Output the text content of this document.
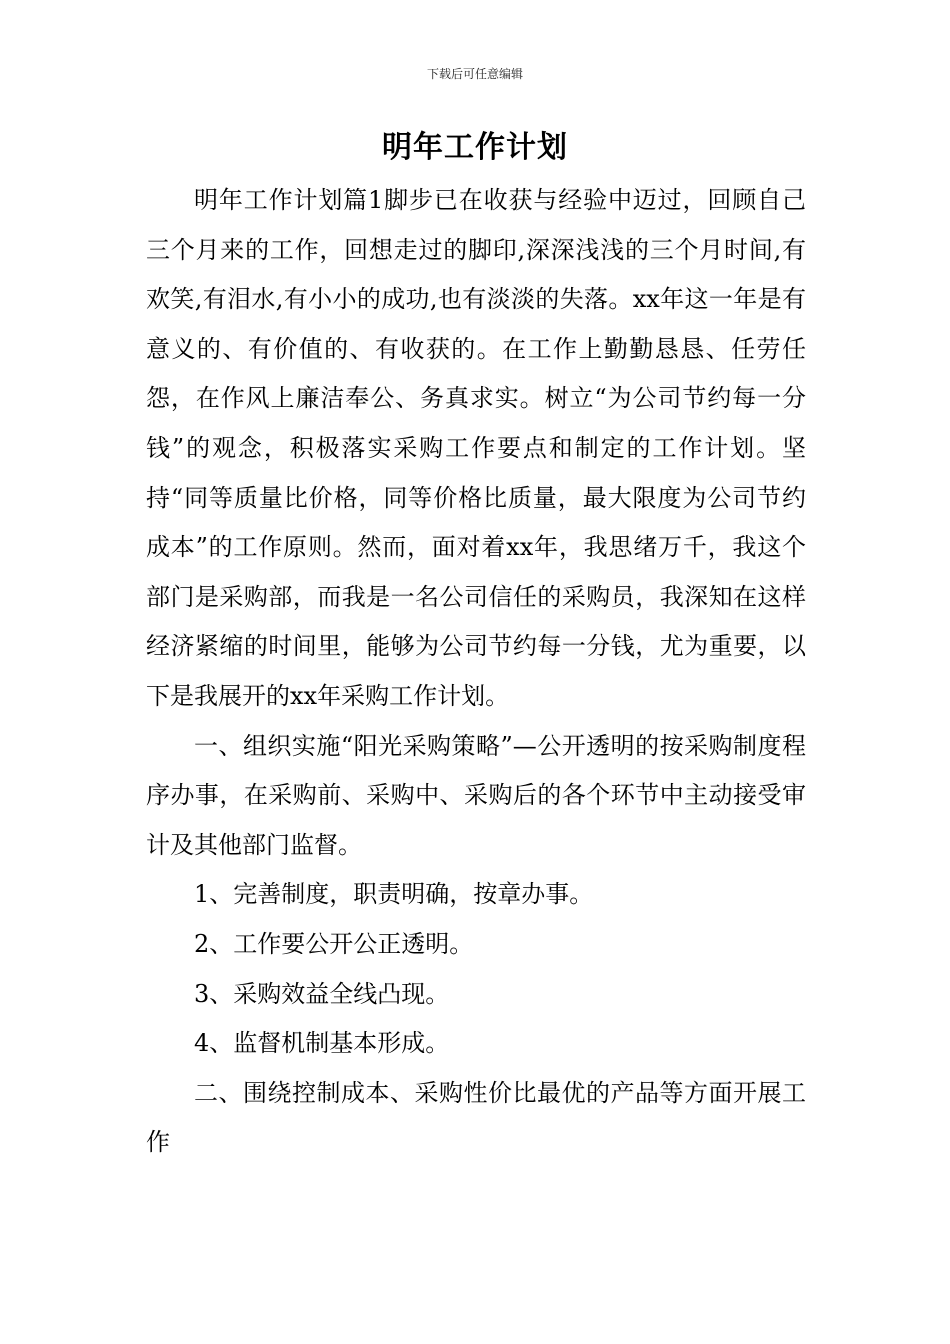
下载后可任意编辑
明年工作计划

明年工作计划篇1脚步已在收获与经验中迈过，回顾自己三个月来的工作，回想走过的脚印,深深浅浅的三个月时间,有欢笑,有泪水,有小小的成功,也有淡淡的失落。xx年这一年是有意义的、有价值的、有收获的。在工作上勤勤恳恳、任劳任怨，在作风上廉洁奉公、务真求实。树立“为公司节约每一分钱”的观念，积极落实采购工作要点和制定的工作计划。坚持“同等质量比价格，同等价格比质量，最大限度为公司节约成本”的工作原则。然而，面对着xx年，我思绪万千，我这个部门是采购部，而我是一名公司信任的采购员，我深知在这样经济紧缩的时间里，能够为公司节约每一分钱，尤为重要，以下是我展开的xx年采购工作计划。

一、组织实施“阳光采购策略”—公开透明的按采购制度程序办事，在采购前、采购中、采购后的各个环节中主动接受审计及其他部门监督。

1、完善制度，职责明确，按章办事。

2、工作要公开公正透明。

3、采购效益全线凸现。

4、监督机制基本形成。

二、围绕控制成本、采购性价比最优的产品等方面开展工作
